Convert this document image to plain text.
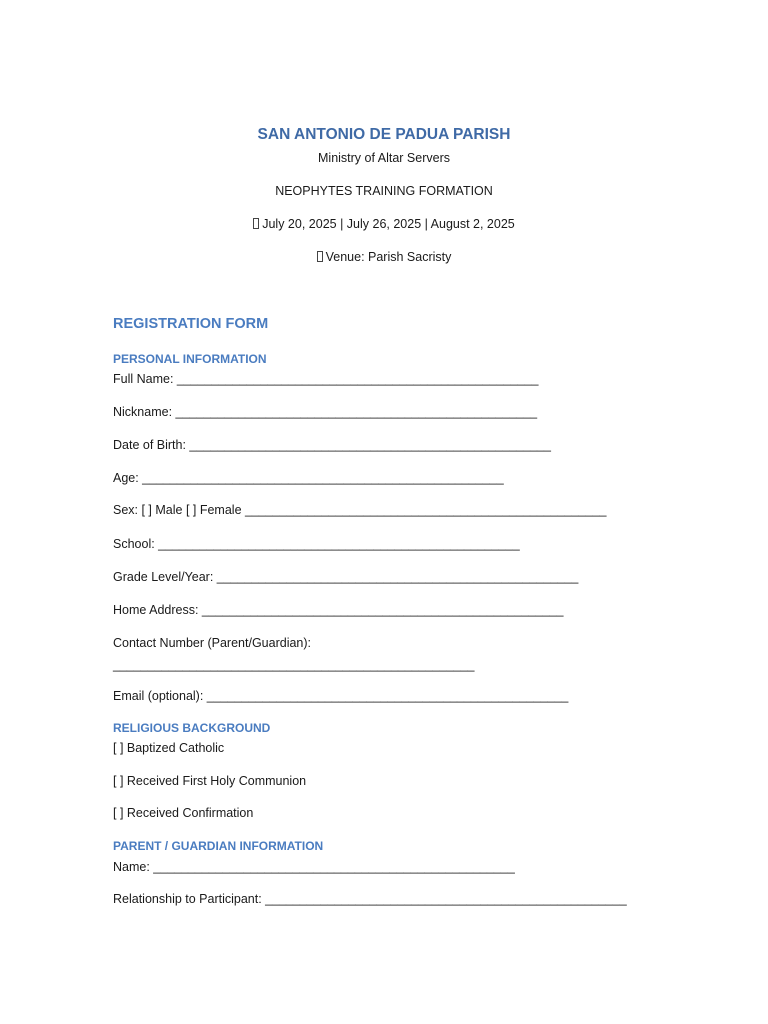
SAN ANTONIO DE PADUA PARISH
Ministry of Altar Servers
NEOPHYTES TRAINING FORMATION
July 20, 2025 | July 26, 2025 | August 2, 2025
Venue: Parish Sacristy
REGISTRATION FORM
PERSONAL INFORMATION
Full Name: ____________________________________________________
Nickname: ____________________________________________________
Date of Birth: ____________________________________________________
Age: ____________________________________________________
Sex: [ ] Male [ ] Female ____________________________________________________
School: ____________________________________________________
Grade Level/Year: ____________________________________________________
Home Address: ____________________________________________________
Contact Number (Parent/Guardian):
____________________________________________________
Email (optional): ____________________________________________________
RELIGIOUS BACKGROUND
[ ] Baptized Catholic
[ ] Received First Holy Communion
[ ] Received Confirmation
PARENT / GUARDIAN INFORMATION
Name: ____________________________________________________
Relationship to Participant: ____________________________________________________
